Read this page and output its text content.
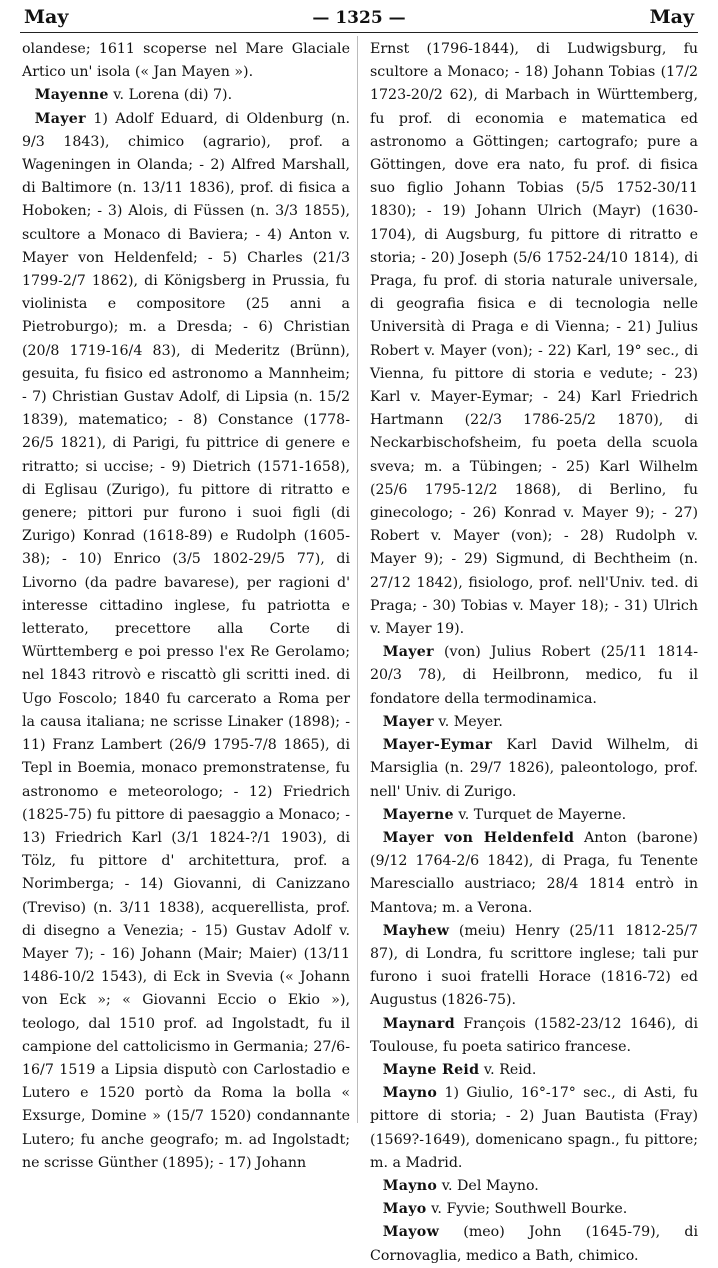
May	— 1325 —	May

olandese; 1611 scoperse nel Mare Glaciale Artico un' isola (« Jan Mayen »).

Mayenne v. Lorena (di) 7).

Mayer 1) Adolf Eduard, di Oldenburg (n. 9/3 1843), chimico (agrario), prof. a Wageningen in Olanda; - 2) Alfred Marshall, di Baltimore (n. 13/11 1836), prof. di fisica a Hoboken; - 3) Alois, di Füssen (n. 3/3 1855), scultore a Monaco di Baviera; - 4) Anton v. Mayer von Heldenfeld; - 5) Charles (21/3 1799-2/7 1862), di Königsberg in Prussia, fu violinista e compositore (25 anni a Pietroburgo); m. a Dresda; - 6) Christian (20/8 1719-16/4 83), di Mederitz (Brünn), gesuita, fu fisico ed astronomo a Mannheim; - 7) Christian Gustav Adolf, di Lipsia (n. 15/2 1839), matematico; - 8) Constance (1778-26/5 1821), di Parigi, fu pittrice di genere e ritratto; si uccise; - 9) Dietrich (1571-1658), di Eglisau (Zurigo), fu pittore di ritratto e genere; pittori pur furono i suoi figli (di Zurigo) Konrad (1618-89) e Rudolph (1605-38); - 10) Enrico (3/5 1802-29/5 77), di Livorno (da padre bavarese), per ragioni d' interesse cittadino inglese, fu patriotta e letterato, precettore alla Corte di Württemberg e poi presso l'ex Re Gerolamo; nel 1843 ritrovò e riscattò gli scritti ined. di Ugo Foscolo; 1840 fu carcerato a Roma per la causa italiana; ne scrisse Linaker (1898); - 11) Franz Lambert (26/9 1795-7/8 1865), di Tepl in Boemia, monaco premonstratense, fu astronomo e meteorologo; - 12) Friedrich (1825-75) fu pittore di paesaggio a Monaco; - 13) Friedrich Karl (3/1 1824-?/1 1903), di Tölz, fu pittore d' architettura, prof. a Norimberga; - 14) Giovanni, di Canizzano (Treviso) (n. 3/11 1838), acquerellista, prof. di disegno a Venezia; - 15) Gustav Adolf v. Mayer 7); - 16) Johann (Mair; Maier) (13/11 1486-10/2 1543), di Eck in Svevia (« Johann von Eck »; « Giovanni Eccio o Ekio »), teologo, dal 1510 prof. ad Ingolstadt, fu il campione del cattolicismo in Germania; 27/6-16/7 1519 a Lipsia disputò con Carlostadio e Lutero e 1520 portò da Roma la bolla « Exsurge, Domine » (15/7 1520) condannante Lutero; fu anche geografo; m. ad Ingolstadt; ne scrisse Günther (1895); - 17) Johann

Ernst (1796-1844), di Ludwigsburg, fu scultore a Monaco; - 18) Johann Tobias (17/2 1723-20/2 62), di Marbach in Württemberg, fu prof. di economia e matematica ed astronomo a Göttingen; cartografo; pure a Göttingen, dove era nato, fu prof. di fisica suo figlio Johann Tobias (5/5 1752-30/11 1830); - 19) Johann Ulrich (Mayr) (1630-1704), di Augsburg, fu pittore di ritratto e storia; - 20) Joseph (5/6 1752-24/10 1814), di Praga, fu prof. di storia naturale universale, di geografia fisica e di tecnologia nelle Università di Praga e di Vienna; - 21) Julius Robert v. Mayer (von); - 22) Karl, 19° sec., di Vienna, fu pittore di storia e vedute; - 23) Karl v. Mayer-Eymar; - 24) Karl Friedrich Hartmann (22/3 1786-25/2 1870), di Neckarbischofsheim, fu poeta della scuola sveva; m. a Tübingen; - 25) Karl Wilhelm (25/6 1795-12/2 1868), di Berlino, fu ginecologo; - 26) Konrad v. Mayer 9); - 27) Robert v. Mayer (von); - 28) Rudolph v. Mayer 9); - 29) Sigmund, di Bechtheim (n. 27/12 1842), fisiologo, prof. nell'Univ. ted. di Praga; - 30) Tobias v. Mayer 18); - 31) Ulrich v. Mayer 19).

Mayer (von) Julius Robert (25/11 1814-20/3 78), di Heilbronn, medico, fu il fondatore della termodinamica.

Mayer v. Meyer.

Mayer-Eymar Karl David Wilhelm, di Marsiglia (n. 29/7 1826), paleontologo, prof. nell' Univ. di Zurigo.

Mayerne v. Turquet de Mayerne.

Mayer von Heldenfeld Anton (barone) (9/12 1764-2/6 1842), di Praga, fu Tenente Maresciallo austriaco; 28/4 1814 entrò in Mantova; m. a Verona.

Mayhew (meiu) Henry (25/11 1812-25/7 87), di Londra, fu scrittore inglese; tali pur furono i suoi fratelli Horace (1816-72) ed Augustus (1826-75).

Maynard François (1582-23/12 1646), di Toulouse, fu poeta satirico francese.

Mayne Reid v. Reid.

Mayno 1) Giulio, 16°-17° sec., di Asti, fu pittore di storia; - 2) Juan Bautista (Fray) (1569?-1649), domenicano spagn., fu pittore; m. a Madrid.

Mayno v. Del Mayno.

Mayo v. Fyvie; Southwell Bourke.

Mayow (meo) John (1645-79), di Cornovaglia, medico a Bath, chimico.
